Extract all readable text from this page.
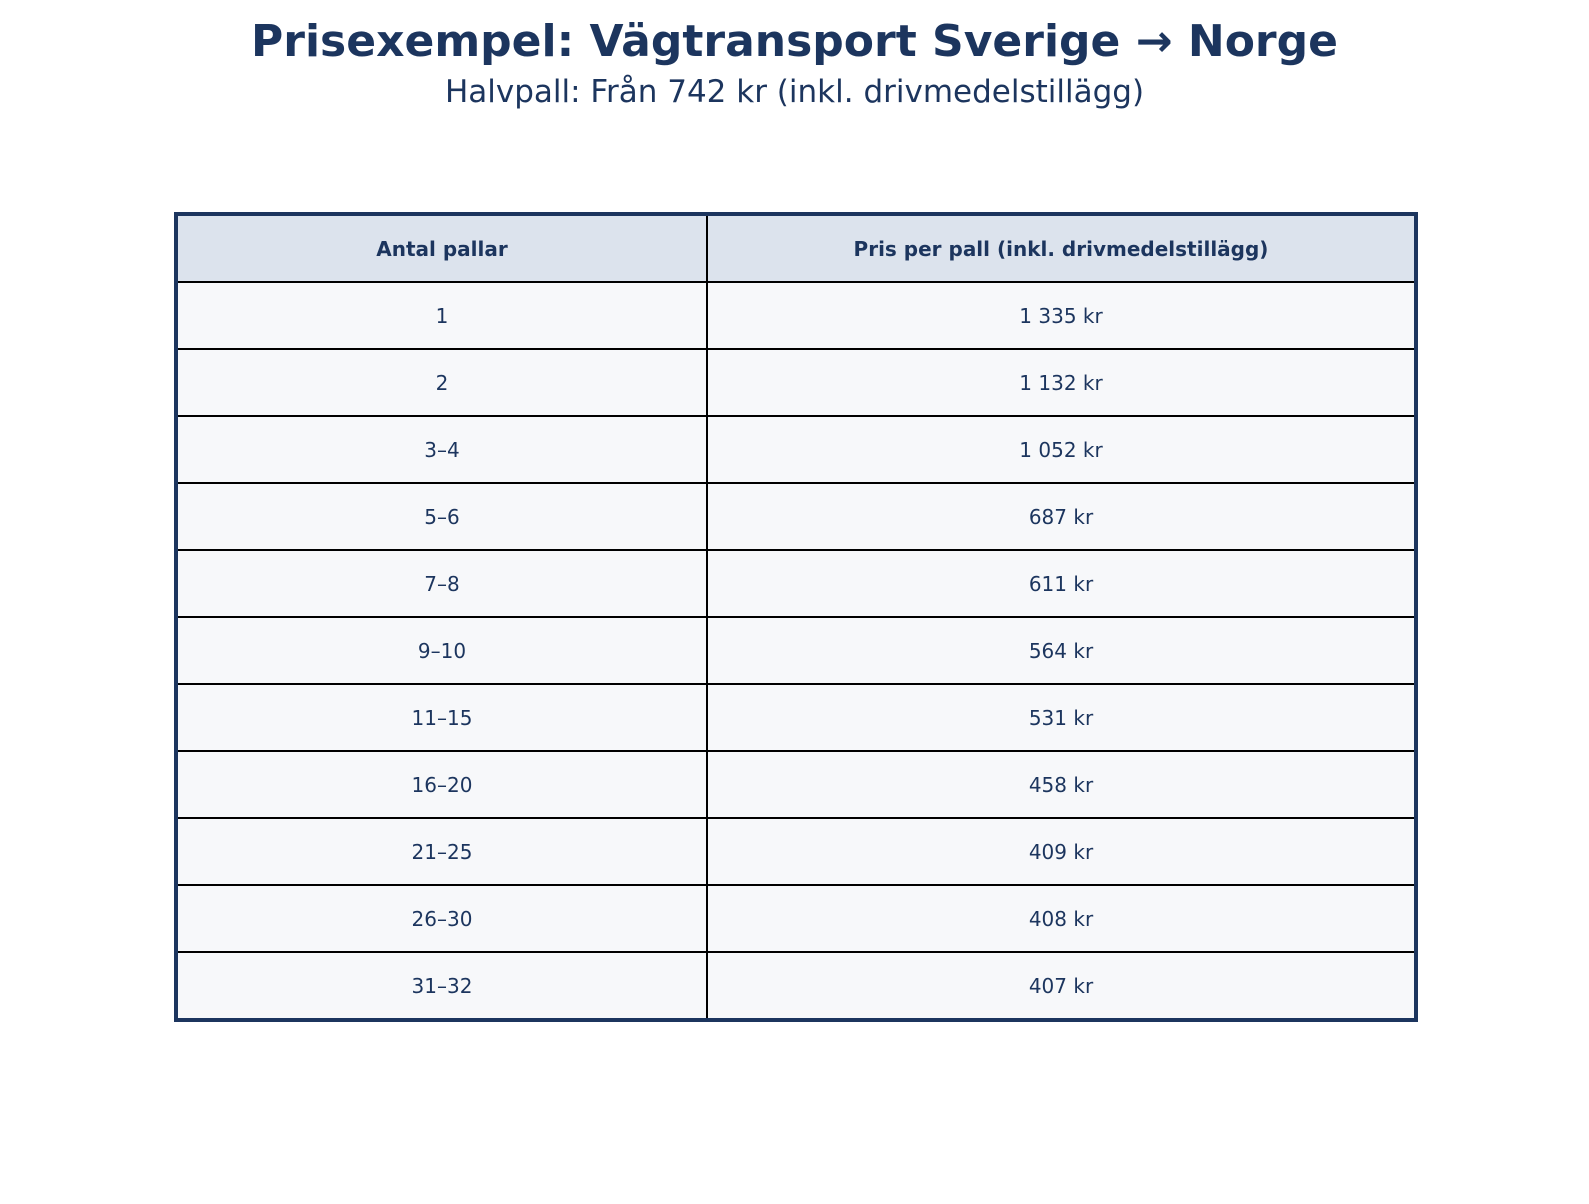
Prisexempel: Vägtransport Sverige → Norge
Halvpall: Från 742 kr (inkl. drivmedelstillägg)
Antal pallar	Pris per pall (inkl. drivmedelstillägg)
1	1 335 kr
2	1 132 kr
3–4	1 052 kr
5–6	687 kr
7–8	611 kr
9–10	564 kr
11–15	531 kr
16–20	458 kr
21–25	409 kr
26–30	408 kr
31–32	407 kr
